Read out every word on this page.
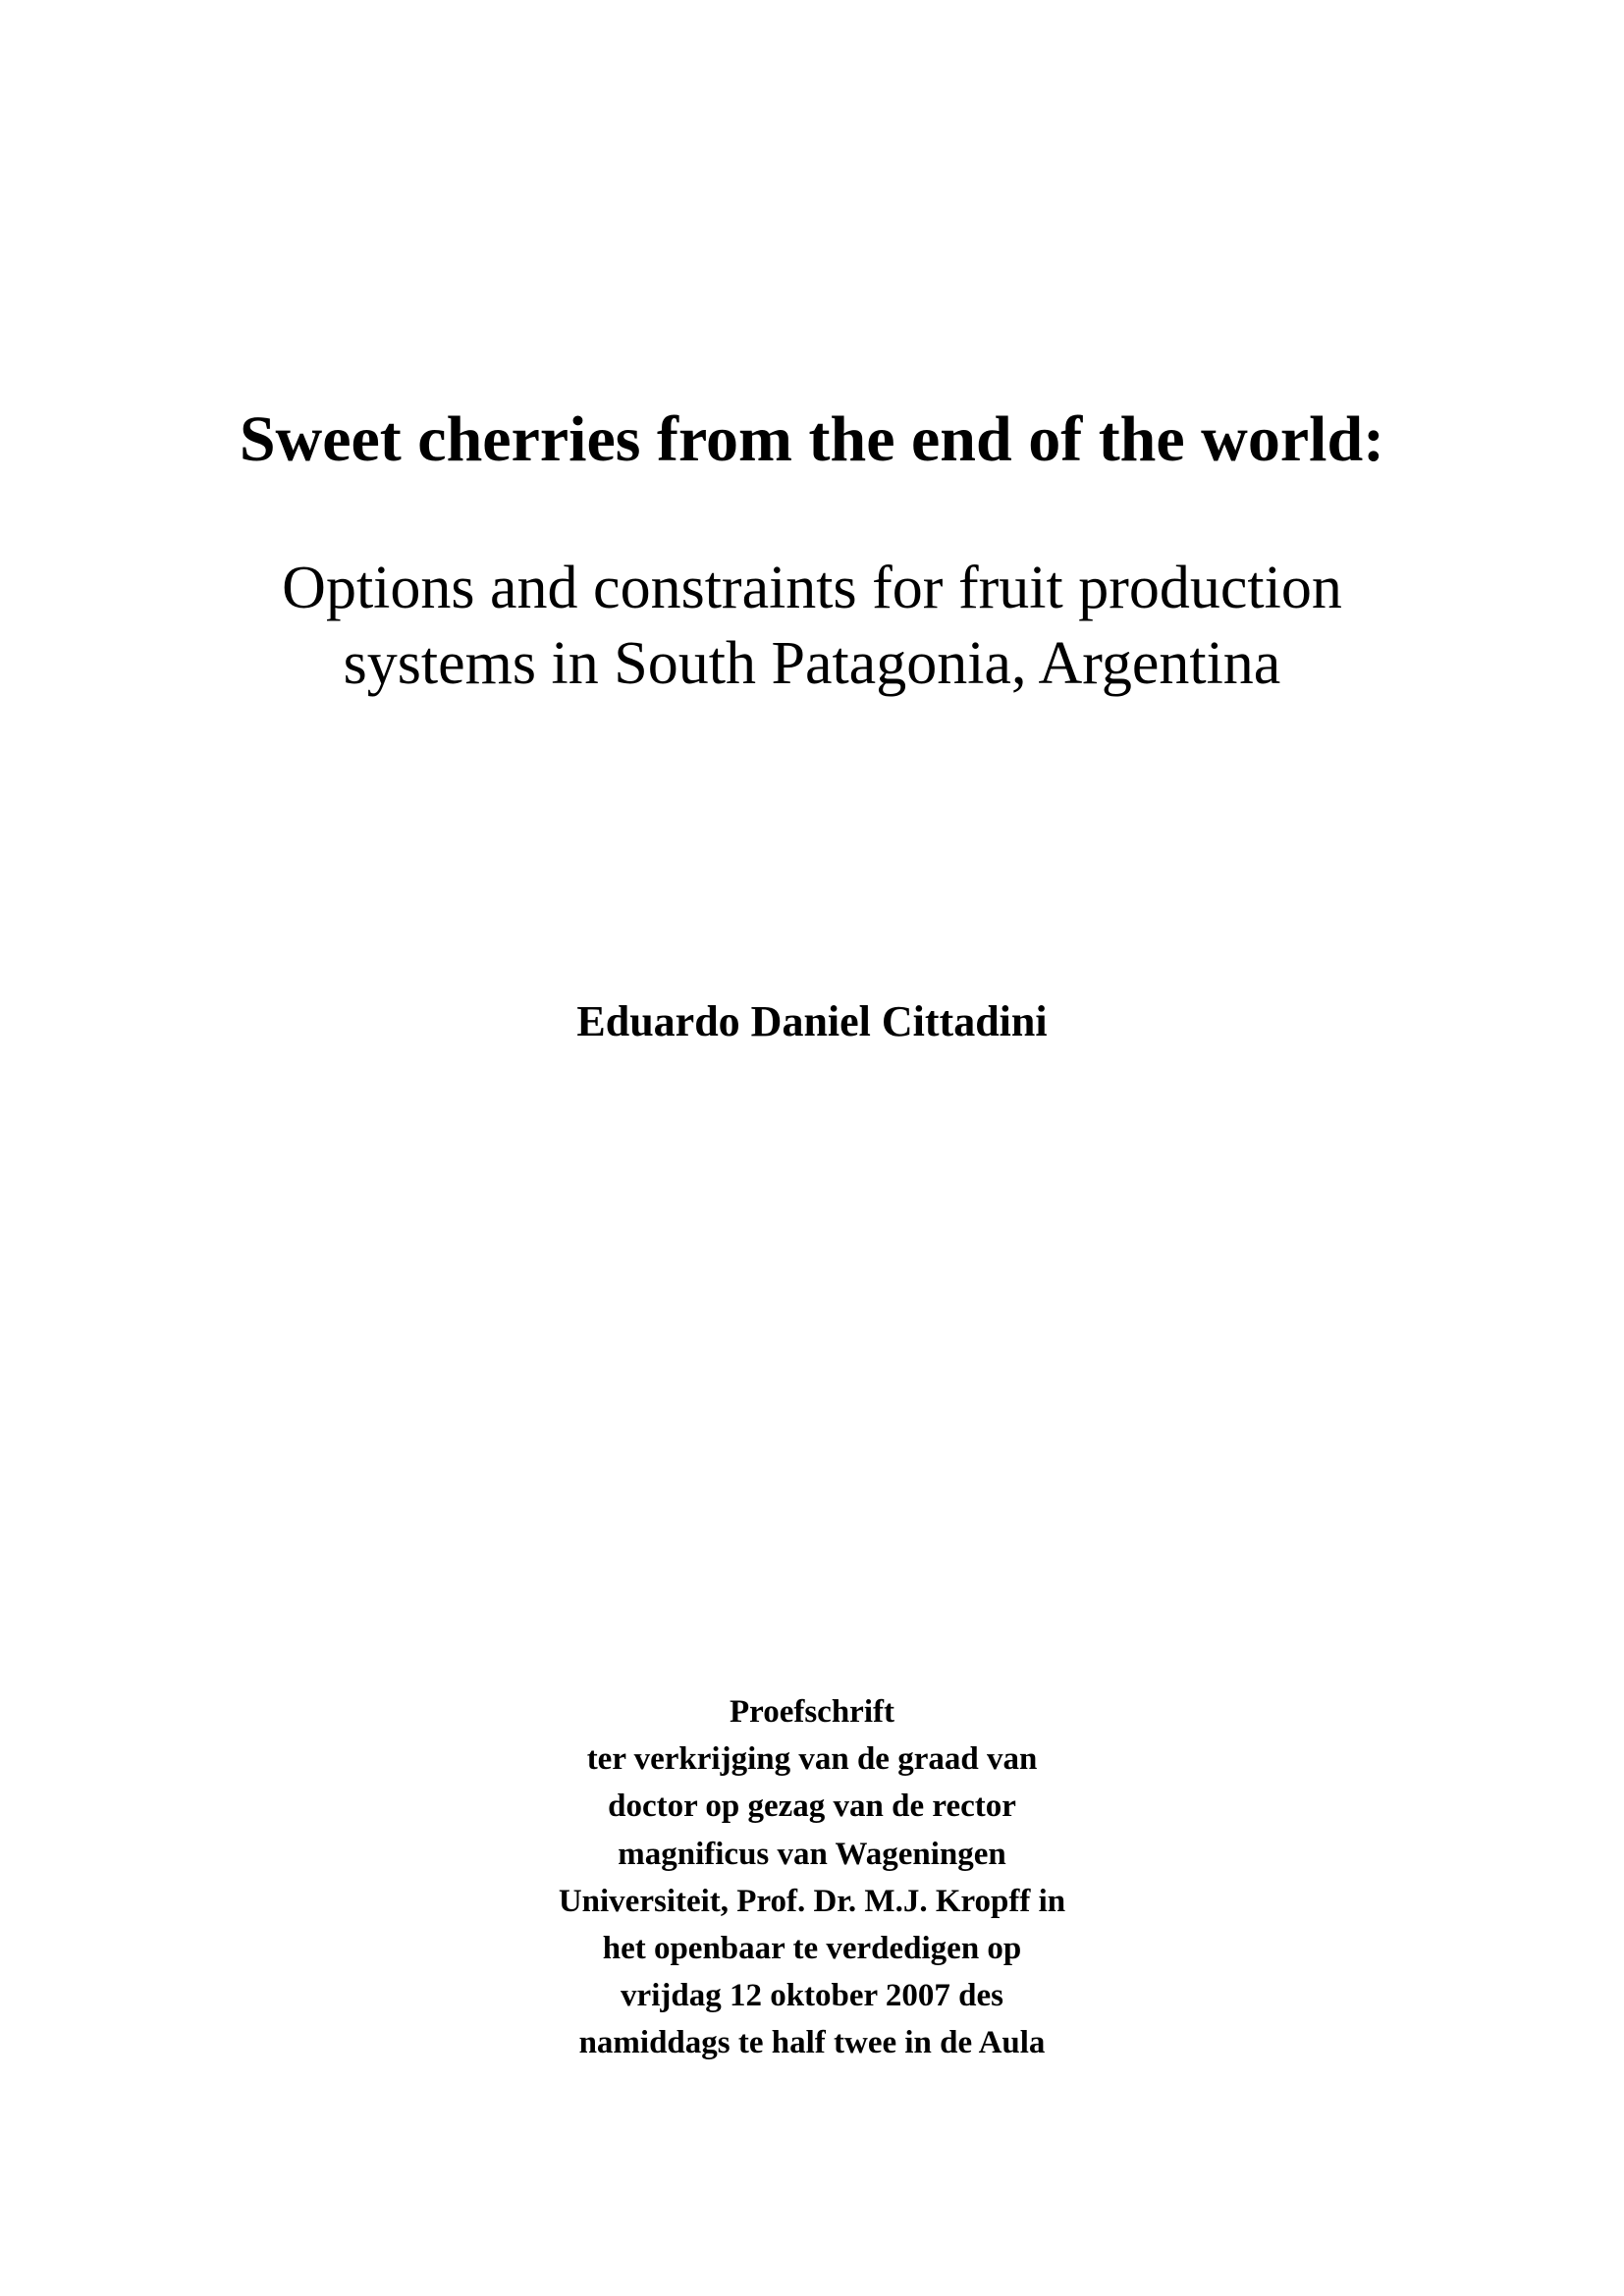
Sweet cherries from the end of the world:
Options and constraints for fruit production
systems in South Patagonia, Argentina

Eduardo Daniel Cittadini

Proefschrift
ter verkrijging van de graad van
doctor op gezag van de rector
magnificus van Wageningen
Universiteit, Prof. Dr. M.J. Kropff in
het openbaar te verdedigen op
vrijdag 12 oktober 2007 des
namiddags te half twee in de Aula
